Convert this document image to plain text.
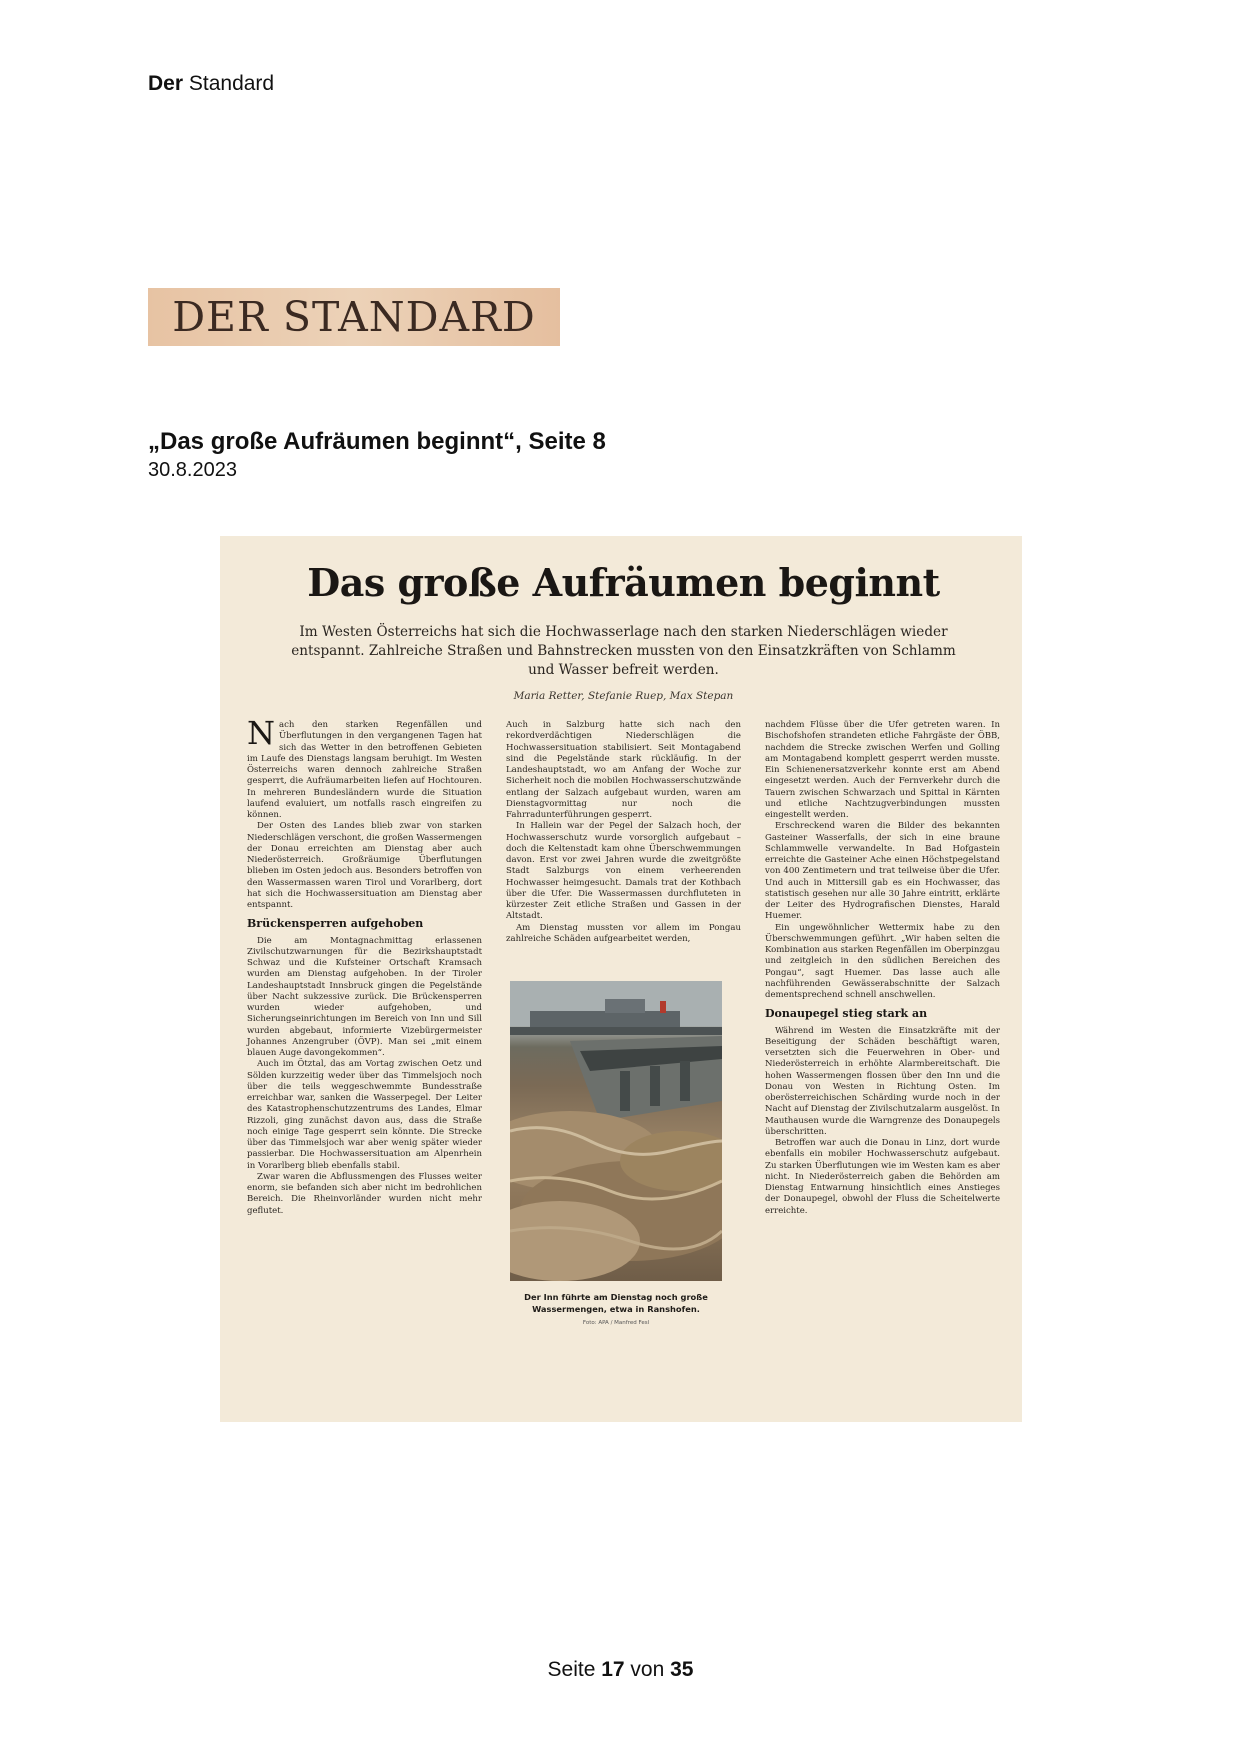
Der Standard
DER STANDARD
„Das große Aufräumen beginnt“, Seite 8
30.8.2023
Das große Aufräumen beginnt
Im Westen Österreichs hat sich die Hochwasserlage nach den starken Niederschlägen wieder entspannt. Zahlreiche Straßen und Bahnstrecken mussten von den Einsatzkräften von Schlamm und Wasser befreit werden.
Maria Retter, Stefanie Ruep, Max Stepan

Nach den starken Regenfällen und Überflutungen in den vergangenen Tagen hat sich das Wetter in den betroffenen Gebieten im Laufe des Dienstags langsam beruhigt. Im Westen Österreichs waren dennoch zahlreiche Straßen gesperrt, die Aufräumarbeiten liefen auf Hochtouren. In mehreren Bundesländern wurde die Situation laufend evaluiert, um notfalls rasch eingreifen zu können.

Der Osten des Landes blieb zwar von starken Niederschlägen verschont, die großen Wassermengen der Donau erreichten am Dienstag aber auch Niederösterreich. Großräumige Überflutungen blieben im Osten jedoch aus. Besonders betroffen von den Wassermassen waren Tirol und Vorarlberg, dort hat sich die Hochwassersituation am Dienstag aber entspannt.

Brückensperren aufgehoben

Die am Montagnachmittag erlassenen Zivilschutzwarnungen für die Bezirkshauptstadt Schwaz und die Kufsteiner Ortschaft Kramsach wurden am Dienstag aufgehoben. In der Tiroler Landeshauptstadt Innsbruck gingen die Pegelstände über Nacht sukzessive zurück. Die Brückensperren wurden wieder aufgehoben, und Sicherungseinrichtungen im Bereich von Inn und Sill wurden abgebaut, informierte Vizebürgermeister Johannes Anzengruber (ÖVP). Man sei „mit einem blauen Auge davongekommen“.

Auch im Ötztal, das am Vortag zwischen Oetz und Sölden kurzzeitig weder über das Timmelsjoch noch über die teils weggeschwemmte Bundesstraße erreichbar war, sanken die Wasserpegel. Der Leiter des Katastrophenschutzzentrums des Landes, Elmar Rizzoli, ging zunächst davon aus, dass die Straße noch einige Tage gesperrt sein könnte. Die Strecke über das Timmelsjoch war aber wenig später wieder passierbar. Die Hochwassersituation am Alpenrhein in Vorarlberg blieb ebenfalls stabil.

Zwar waren die Abflussmengen des Flusses weiter enorm, sie befanden sich aber nicht im bedrohlichen Bereich. Die Rheinvorländer wurden nicht mehr geflutet.

Auch in Salzburg hatte sich nach den rekordverdächtigen Niederschlägen die Hochwassersituation stabilisiert. Seit Montagabend sind die Pegelstände stark rückläufig. In der Landeshauptstadt, wo am Anfang der Woche zur Sicherheit noch die mobilen Hochwasserschutzwände entlang der Salzach aufgebaut wurden, waren am Dienstagvormittag nur noch die Fahrradunterführungen gesperrt.

In Hallein war der Pegel der Salzach hoch, der Hochwasserschutz wurde vorsorglich aufgebaut – doch die Keltenstadt kam ohne Überschwemmungen davon. Erst vor zwei Jahren wurde die zweitgrößte Stadt Salzburgs von einem verheerenden Hochwasser heimgesucht. Damals trat der Kothbach über die Ufer. Die Wassermassen durchfluteten in kürzester Zeit etliche Straßen und Gassen in der Altstadt.

Am Dienstag mussten vor allem im Pongau zahlreiche Schäden aufgearbeitet werden,

Der Inn führte am Dienstag noch große Wassermengen, etwa in Ranshofen.
Foto: APA / Manfred Fesl

nachdem Flüsse über die Ufer getreten waren. In Bischofshofen strandeten etliche Fahrgäste der ÖBB, nachdem die Strecke zwischen Werfen und Golling am Montagabend komplett gesperrt werden musste. Ein Schienenersatzverkehr konnte erst am Abend eingesetzt werden. Auch der Fernverkehr durch die Tauern zwischen Schwarzach und Spittal in Kärnten und etliche Nachtzugverbindungen mussten eingestellt werden.

Erschreckend waren die Bilder des bekannten Gasteiner Wasserfalls, der sich in eine braune Schlammwelle verwandelte. In Bad Hofgastein erreichte die Gasteiner Ache einen Höchstpegelstand von 400 Zentimetern und trat teilweise über die Ufer. Und auch in Mittersill gab es ein Hochwasser, das statistisch gesehen nur alle 30 Jahre eintritt, erklärte der Leiter des Hydrografischen Dienstes, Harald Huemer.

Ein ungewöhnlicher Wettermix habe zu den Überschwemmungen geführt. „Wir haben selten die Kombination aus starken Regenfällen im Oberpinzgau und zeitgleich in den südlichen Bereichen des Pongau“, sagt Huemer. Das lasse auch alle nachführenden Gewässerabschnitte der Salzach dementsprechend schnell anschwellen.

Donaupegel stieg stark an

Während im Westen die Einsatzkräfte mit der Beseitigung der Schäden beschäftigt waren, versetzten sich die Feuerwehren in Ober- und Niederösterreich in erhöhte Alarmbereitschaft. Die hohen Wassermengen flossen über den Inn und die Donau von Westen in Richtung Osten. Im oberösterreichischen Schärding wurde noch in der Nacht auf Dienstag der Zivilschutzalarm ausgelöst. In Mauthausen wurde die Warngrenze des Donaupegels überschritten.

Betroffen war auch die Donau in Linz, dort wurde ebenfalls ein mobiler Hochwasserschutz aufgebaut. Zu starken Überflutungen wie im Westen kam es aber nicht. In Niederösterreich gaben die Behörden am Dienstag Entwarnung hinsichtlich eines Anstieges der Donaupegel, obwohl der Fluss die Scheitelwerte erreichte.

Seite 17 von 35
